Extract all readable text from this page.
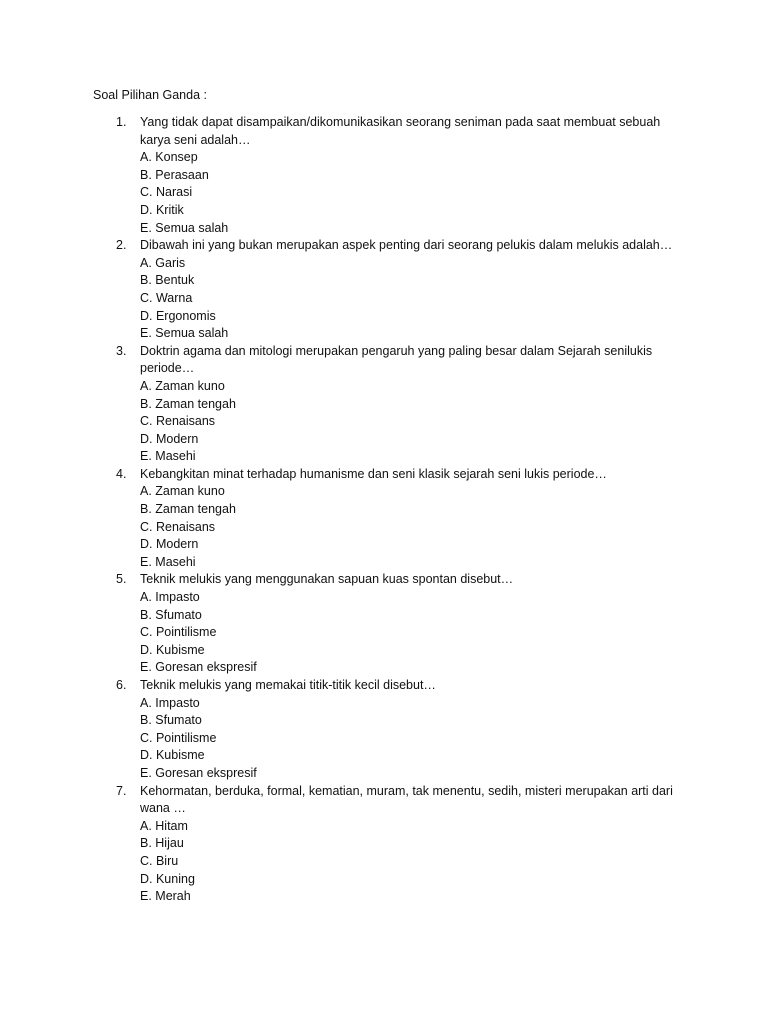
Soal Pilihan Ganda :
1. Yang tidak dapat disampaikan/dikomunikasikan seorang seniman pada saat membuat sebuah karya seni adalah…
A. Konsep
B. Perasaan
C. Narasi
D. Kritik
E. Semua salah
2. Dibawah ini yang bukan merupakan aspek penting dari seorang pelukis dalam melukis adalah…
A. Garis
B. Bentuk
C. Warna
D. Ergonomis
E. Semua salah
3. Doktrin agama dan mitologi merupakan pengaruh yang paling besar dalam Sejarah senilukis periode…
A. Zaman kuno
B. Zaman tengah
C. Renaisans
D. Modern
E. Masehi
4. Kebangkitan minat terhadap humanisme dan seni klasik sejarah seni lukis periode…
A. Zaman kuno
B. Zaman tengah
C. Renaisans
D. Modern
E. Masehi
5. Teknik melukis yang menggunakan sapuan kuas spontan disebut…
A. Impasto
B. Sfumato
C. Pointilisme
D. Kubisme
E. Goresan ekspresif
6. Teknik melukis yang memakai titik-titik kecil disebut…
A. Impasto
B. Sfumato
C. Pointilisme
D. Kubisme
E. Goresan ekspresif
7. Kehormatan, berduka, formal, kematian, muram, tak menentu, sedih, misteri merupakan arti dari wana …
A. Hitam
B. Hijau
C. Biru
D. Kuning
E. Merah
